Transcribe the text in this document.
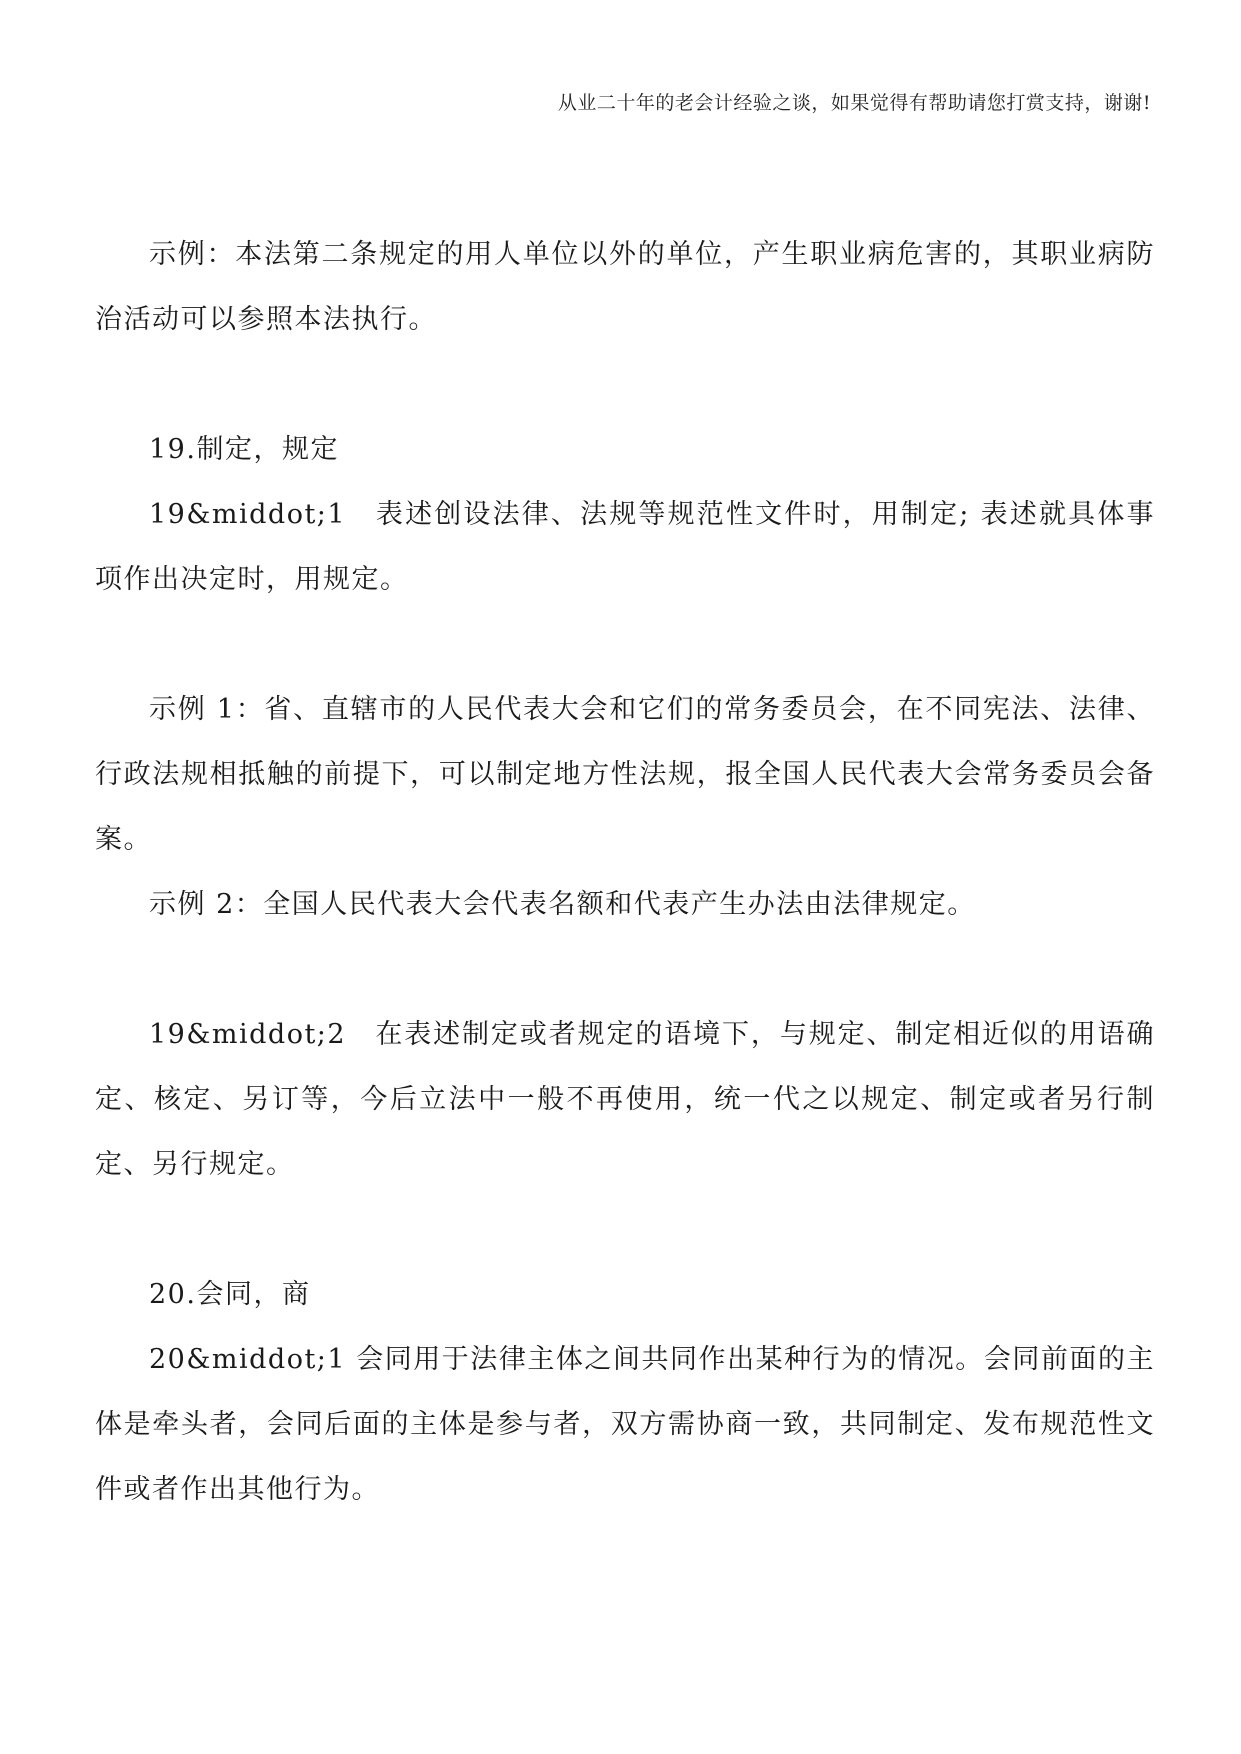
从业二十年的老会计经验之谈，如果觉得有帮助请您打赏支持，谢谢!

示例：本法第二条规定的用人单位以外的单位，产生职业病危害的，其职业病防治活动可以参照本法执行。

19.制定，规定

19&middot;1　表述创设法律、法规等规范性文件时，用制定; 表述就具体事项作出决定时，用规定。

示例 1：省、直辖市的人民代表大会和它们的常务委员会，在不同宪法、法律、行政法规相抵触的前提下，可以制定地方性法规，报全国人民代表大会常务委员会备案。

示例 2：全国人民代表大会代表名额和代表产生办法由法律规定。

19&middot;2　在表述制定或者规定的语境下，与规定、制定相近似的用语确定、核定、另订等，今后立法中一般不再使用，统一代之以规定、制定或者另行制定、另行规定。

20.会同，商

20&middot;1 会同用于法律主体之间共同作出某种行为的情况。会同前面的主体是牵头者，会同后面的主体是参与者，双方需协商一致，共同制定、发布规范性文件或者作出其他行为。
